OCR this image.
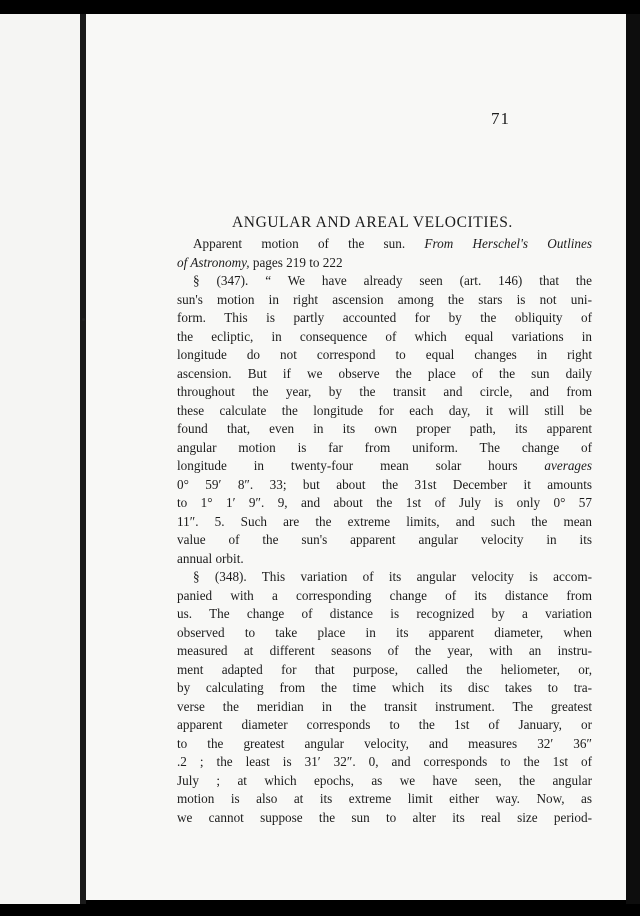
71
ANGULAR AND AREAL VELOCITIES.
Apparent motion of the sun. From Herschel's Outlines
of Astronomy, pages 219 to 222
§ (347). “ We have already seen (art. 146) that the
sun's motion in right ascension among the stars is not uni-
form. This is partly accounted for by the obliquity of
the ecliptic, in consequence of which equal variations in
longitude do not correspond to equal changes in right
ascension. But if we observe the place of the sun daily
throughout the year, by the transit and circle, and from
these calculate the longitude for each day, it will still be
found that, even in its own proper path, its apparent
angular motion is far from uniform. The change of
longitude in twenty-four mean solar hours averages
0° 59′ 8″. 33; but about the 31st December it amounts
to 1° 1′ 9″. 9, and about the 1st of July is only 0° 57
11″. 5. Such are the extreme limits, and such the mean
value of the sun's apparent angular velocity in its
annual orbit.
§ (348). This variation of its angular velocity is accom-
panied with a corresponding change of its distance from
us. The change of distance is recognized by a variation
observed to take place in its apparent diameter, when
measured at different seasons of the year, with an instru-
ment adapted for that purpose, called the heliometer, or,
by calculating from the time which its disc takes to tra-
verse the meridian in the transit instrument. The greatest
apparent diameter corresponds to the 1st of January, or
to the greatest angular velocity, and measures 32′ 36″
.2 ; the least is 31′ 32″. 0, and corresponds to the 1st of
July ; at which epochs, as we have seen, the angular
motion is also at its extreme limit either way. Now, as
we cannot suppose the sun to alter its real size period-
